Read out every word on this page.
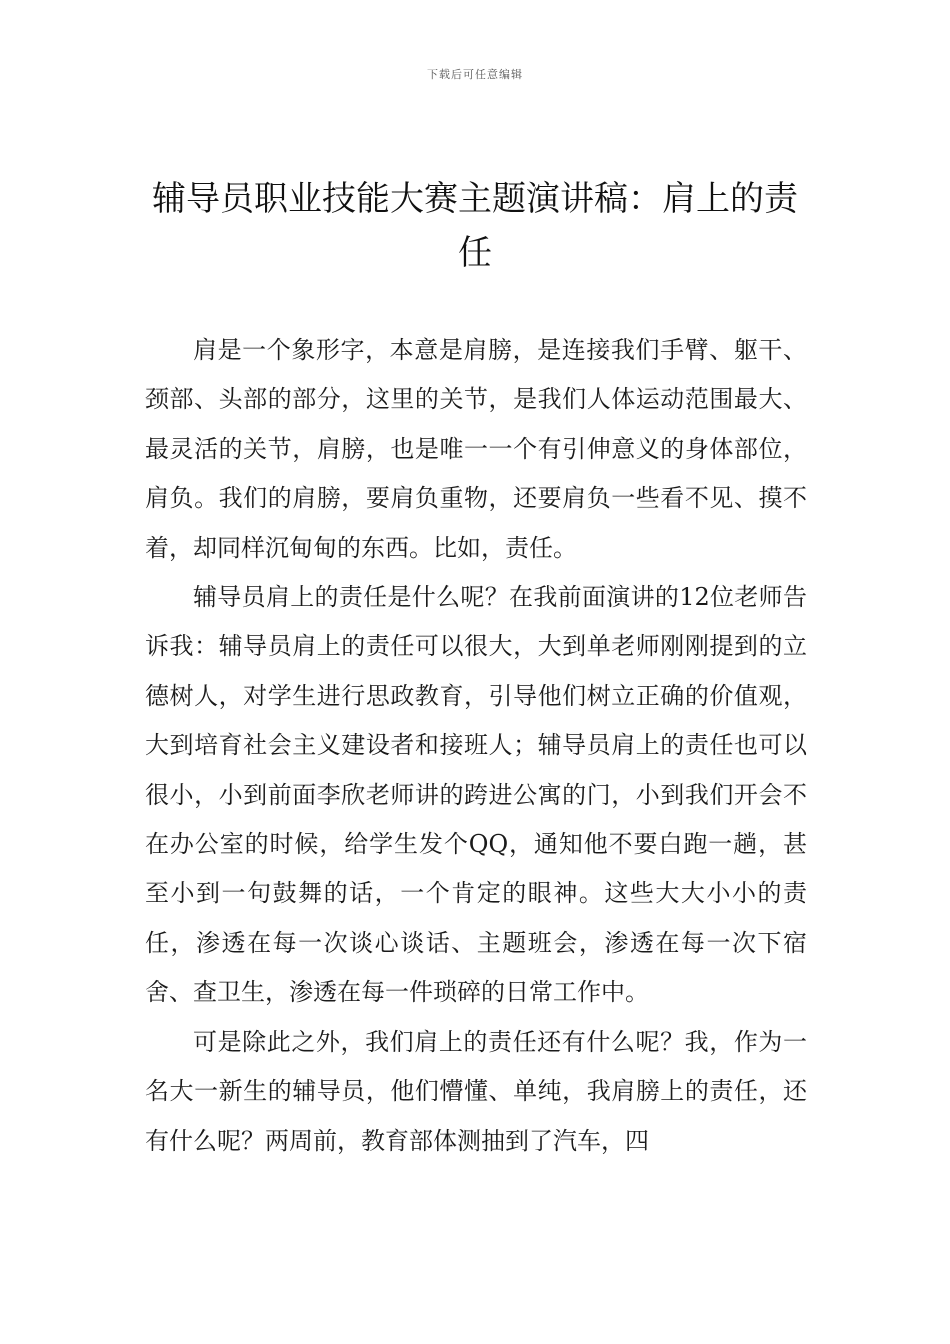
下载后可任意编辑
辅导员职业技能大赛主题演讲稿：肩上的责任

肩是一个象形字，本意是肩膀，是连接我们手臂、躯干、颈部、头部的部分，这里的关节，是我们人体运动范围最大、最灵活的关节，肩膀，也是唯一一个有引伸意义的身体部位，肩负。我们的肩膀，要肩负重物，还要肩负一些看不见、摸不着，却同样沉甸甸的东西。比如，责任。

辅导员肩上的责任是什么呢？在我前面演讲的12位老师告诉我：辅导员肩上的责任可以很大，大到单老师刚刚提到的立德树人，对学生进行思政教育，引导他们树立正确的价值观，大到培育社会主义建设者和接班人；辅导员肩上的责任也可以很小，小到前面李欣老师讲的跨进公寓的门，小到我们开会不在办公室的时候，给学生发个QQ，通知他不要白跑一趟，甚至小到一句鼓舞的话，一个肯定的眼神。这些大大小小的责任，渗透在每一次谈心谈话、主题班会，渗透在每一次下宿舍、查卫生，渗透在每一件琐碎的日常工作中。

可是除此之外，我们肩上的责任还有什么呢？我，作为一名大一新生的辅导员，他们懵懂、单纯，我肩膀上的责任，还有什么呢？两周前，教育部体测抽到了汽车，四
